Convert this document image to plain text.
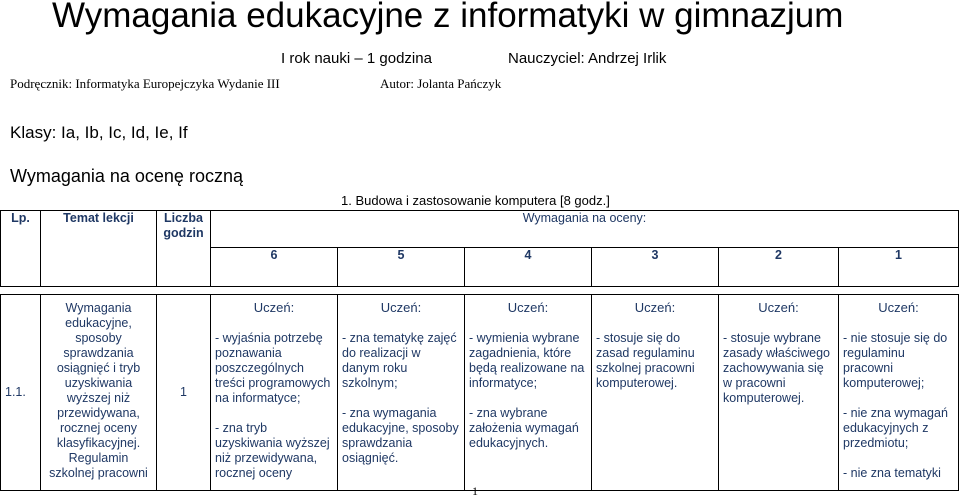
Wymagania edukacyjne z informatyki w gimnazjum
I rok nauki – 1 godzina	Nauczyciel: Andrzej Irlik
Podręcznik: Informatyka Europejczyka Wydanie III	Autor: Jolanta Pańczyk
Klasy: Ia, Ib, Ic, Id, Ie, If
Wymagania na ocenę roczną
1. Budowa i zastosowanie komputera [8 godz.]
Lp.	Temat lekcji	Liczba godzin	Wymagania na oceny:					
			6	5	4	3	2	1

1.1.	Wymagania edukacyjne, sposoby sprawdzania osiągnięć i tryb uzyskiwania wyższej niż przewidywana, rocznej oceny klasyfikacyjnej. Regulamin szkolnej pracowni	1	Uczeń:
- wyjaśnia potrzebę poznawania poszczególnych treści programowych na informatyce;
- zna tryb uzyskiwania wyższej niż przewidywana, rocznej oceny	Uczeń:
- zna tematykę zajęć do realizacji w danym roku szkolnym;
- zna wymagania edukacyjne, sposoby sprawdzania osiągnięć.	Uczeń:
- wymienia wybrane zagadnienia, które będą realizowane na informatyce;
- zna wybrane założenia wymagań edukacyjnych.	Uczeń:
- stosuje się do zasad regulaminu szkolnej pracowni komputerowej.	Uczeń:
- stosuje wybrane zasady właściwego zachowywania się w pracowni komputerowej.	Uczeń:
- nie stosuje się do regulaminu pracowni komputerowej;
- nie zna wymagań edukacyjnych z przedmiotu;
- nie zna tematyki
1
